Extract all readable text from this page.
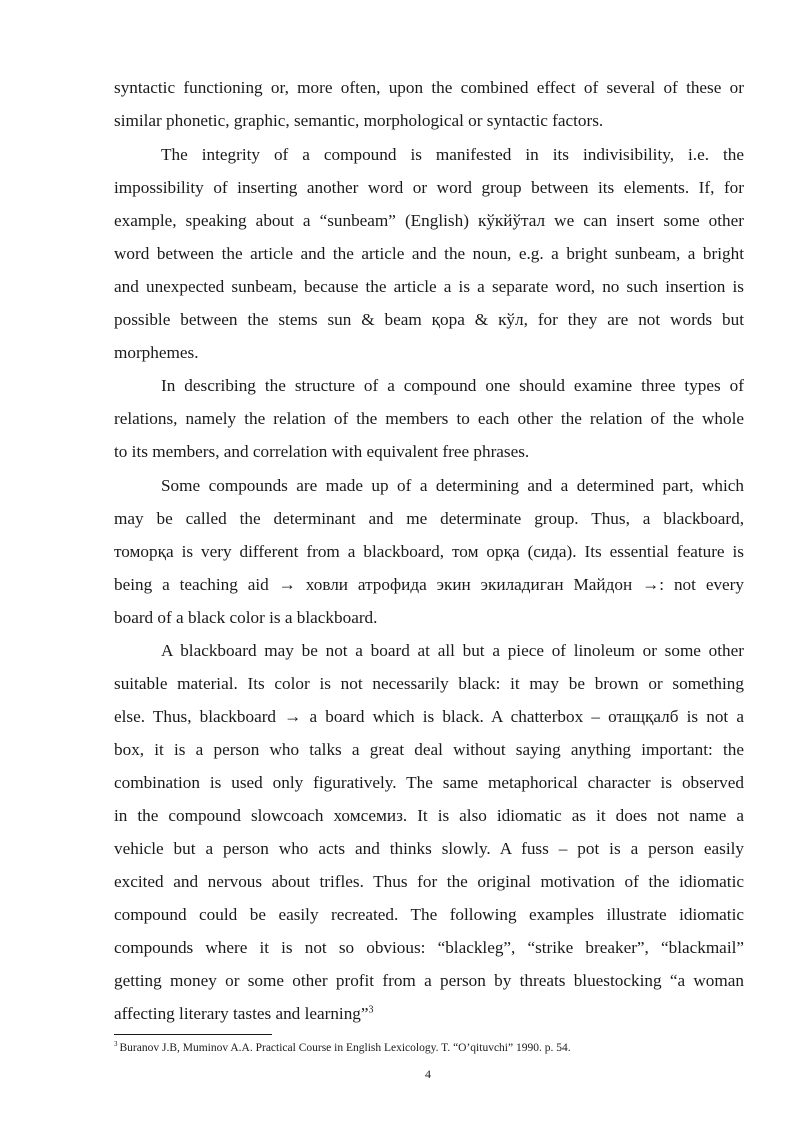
syntactic functioning or, more often, upon the combined effect of several of these or
similar phonetic, graphic, semantic, morphological or syntactic factors.
The integrity of a compound is manifested in its indivisibility, i.e. the
impossibility of inserting another word or word group between its elements. If, for
example, speaking about a “sunbeam” (English) кўкйўтал we can insert some other
word between the article and the article and the noun, e.g. a bright sunbeam, a bright
and unexpected sunbeam, because the article a is a separate word, no such insertion is
possible between the stems sun & beam қора & кўл, for they are not words but
morphemes.
In describing the structure of a compound one should examine three types of
relations, namely the relation of the members to each other the relation of the whole
to its members, and correlation with equivalent free phrases.
Some compounds are made up of a determining and a determined part, which
may be called the determinant and me determinate group. Thus, a blackboard,
томорқа is very different from a blackboard, том орқа (сида). Its essential feature is
being a teaching aid → ховли атрофида экин экиладиган Майдон →: not every
board of a black color is a blackboard.
A blackboard may be not a board at all but a piece of linoleum or some other
suitable material. Its color is not necessarily black: it may be brown or something
else. Thus, blackboard → a board which is black. A chatterbox – отащқалб is not a
box, it is a person who talks a great deal without saying anything important: the
combination is used only figuratively. The same metaphorical character is observed
in the compound slowcoach хомсемиз. It is also idiomatic as it does not name a
vehicle but a person who acts and thinks slowly. A fuss – pot is a person easily
excited and nervous about trifles. Thus for the original motivation of the idiomatic
compound could be easily recreated. The following examples illustrate idiomatic
compounds where it is not so obvious: “blackleg”, “strike breaker”, “blackmail”
getting money or some other profit from a person by threats bluestocking “a woman
affecting literary tastes and learning”$^3$
$^3$ Buranov J.B, Muminov A.A. Practical Course in English Lexicology. T. “O’qituvchi” 1990. p. 54.
4
